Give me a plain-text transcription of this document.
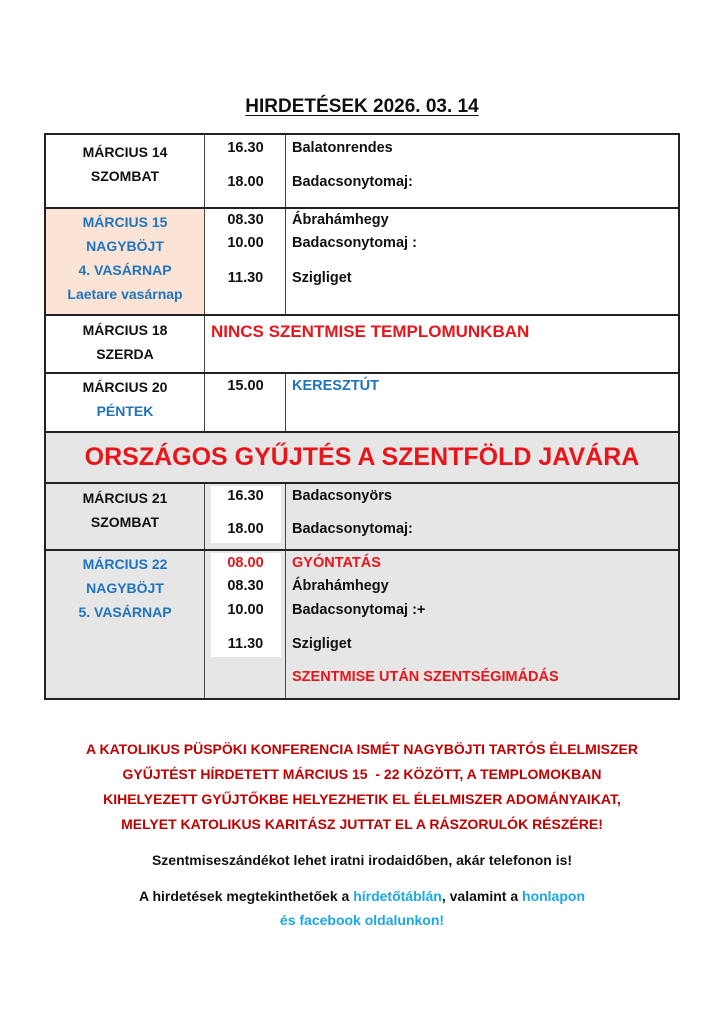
HIRDETÉSEK 2026. 03. 14
MÁRCIUS 14
SZOMBAT
16.30
18.00
Balatonrendes
Badacsonytomaj:
MÁRCIUS 15
NAGYBÖJT
4. VASÁRNAP
Laetare vasárnap
08.30
10.00
11.30
Ábrahámhegy
Badacsonytomaj :
Szigliget
MÁRCIUS 18
SZERDA
NINCS SZENTMISE TEMPLOMUNKBAN
MÁRCIUS 20
PÉNTEK
15.00	KERESZTÚT
ORSZÁGOS GYŰJTÉS A SZENTFÖLD JAVÁRA
MÁRCIUS 21
SZOMBAT
16.30
18.00
Badacsonyörs
Badacsonytomaj:
MÁRCIUS 22
NAGYBÖJT
5. VASÁRNAP
08.00
08.30
10.00
11.30
GYÓNTATÁS
Ábrahámhegy
Badacsonytomaj :+
Szigliget
SZENTMISE UTÁN SZENTSÉGIMÁDÁS
A KATOLIKUS PÜSPÖKI KONFERENCIA ISMÉT NAGYBÖJTI TARTÓS ÉLELMISZER
GYŰJTÉST HÍRDETETT MÁRCIUS 15  - 22 KÖZÖTT, A TEMPLOMOKBAN
KIHELYEZETT GYŰJTŐKBE HELYEZHETIK EL ÉLELMISZER ADOMÁNYAIKAT,
MELYET KATOLIKUS KARITÁSZ JUTTAT EL A RÁSZORULÓK RÉSZÉRE!
Szentmiseszándékot lehet iratni irodaidőben, akár telefonon is!
A hirdetések megtekinthetőek a hírdetőtáblán, valamint a honlapon
és facebook oldalunkon!
